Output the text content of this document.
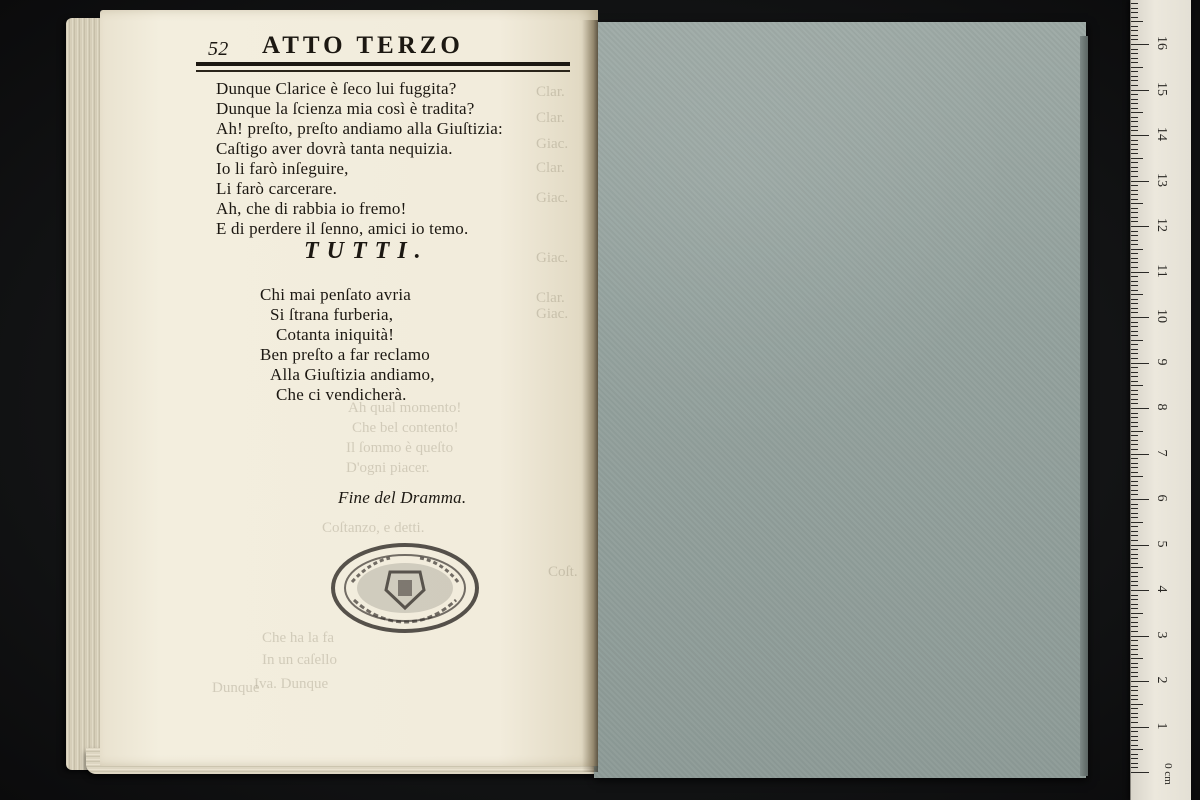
Clar.
Clar.
Giac.
Clar.
Giac.
Giac.
Clar.
Giac.
Ah qual momento!
Che bel contento!
Il ſommo è queſto
D'ogni piacer.
Coſtanzo, e detti.
Coſt.
Che ha la fa
In un caſello
Iva. Dunque
Dunque
52 ATTO TERZO
Dunque Clarice è ſeco lui fuggita?
Dunque la ſcienza mia così è tradita?
Ah! preſto, preſto andiamo alla Giuſtizia:
Caſtigo aver dovrà tanta nequizia.
Io li farò inſeguire,
Li farò carcerare.
Ah, che di rabbia io fremo!
E di perdere il ſenno, amici io temo.
TUTTI.
Chi mai penſato avria
Si ſtrana furberia,
Cotanta iniquità!
Ben preſto a far reclamo
Alla Giuſtizia andiamo,
Che ci vendicherà.
Fine del Dramma.
1
2
3
4
5
6
7
8
9
10
11
12
13
14
15
16
0 cm
